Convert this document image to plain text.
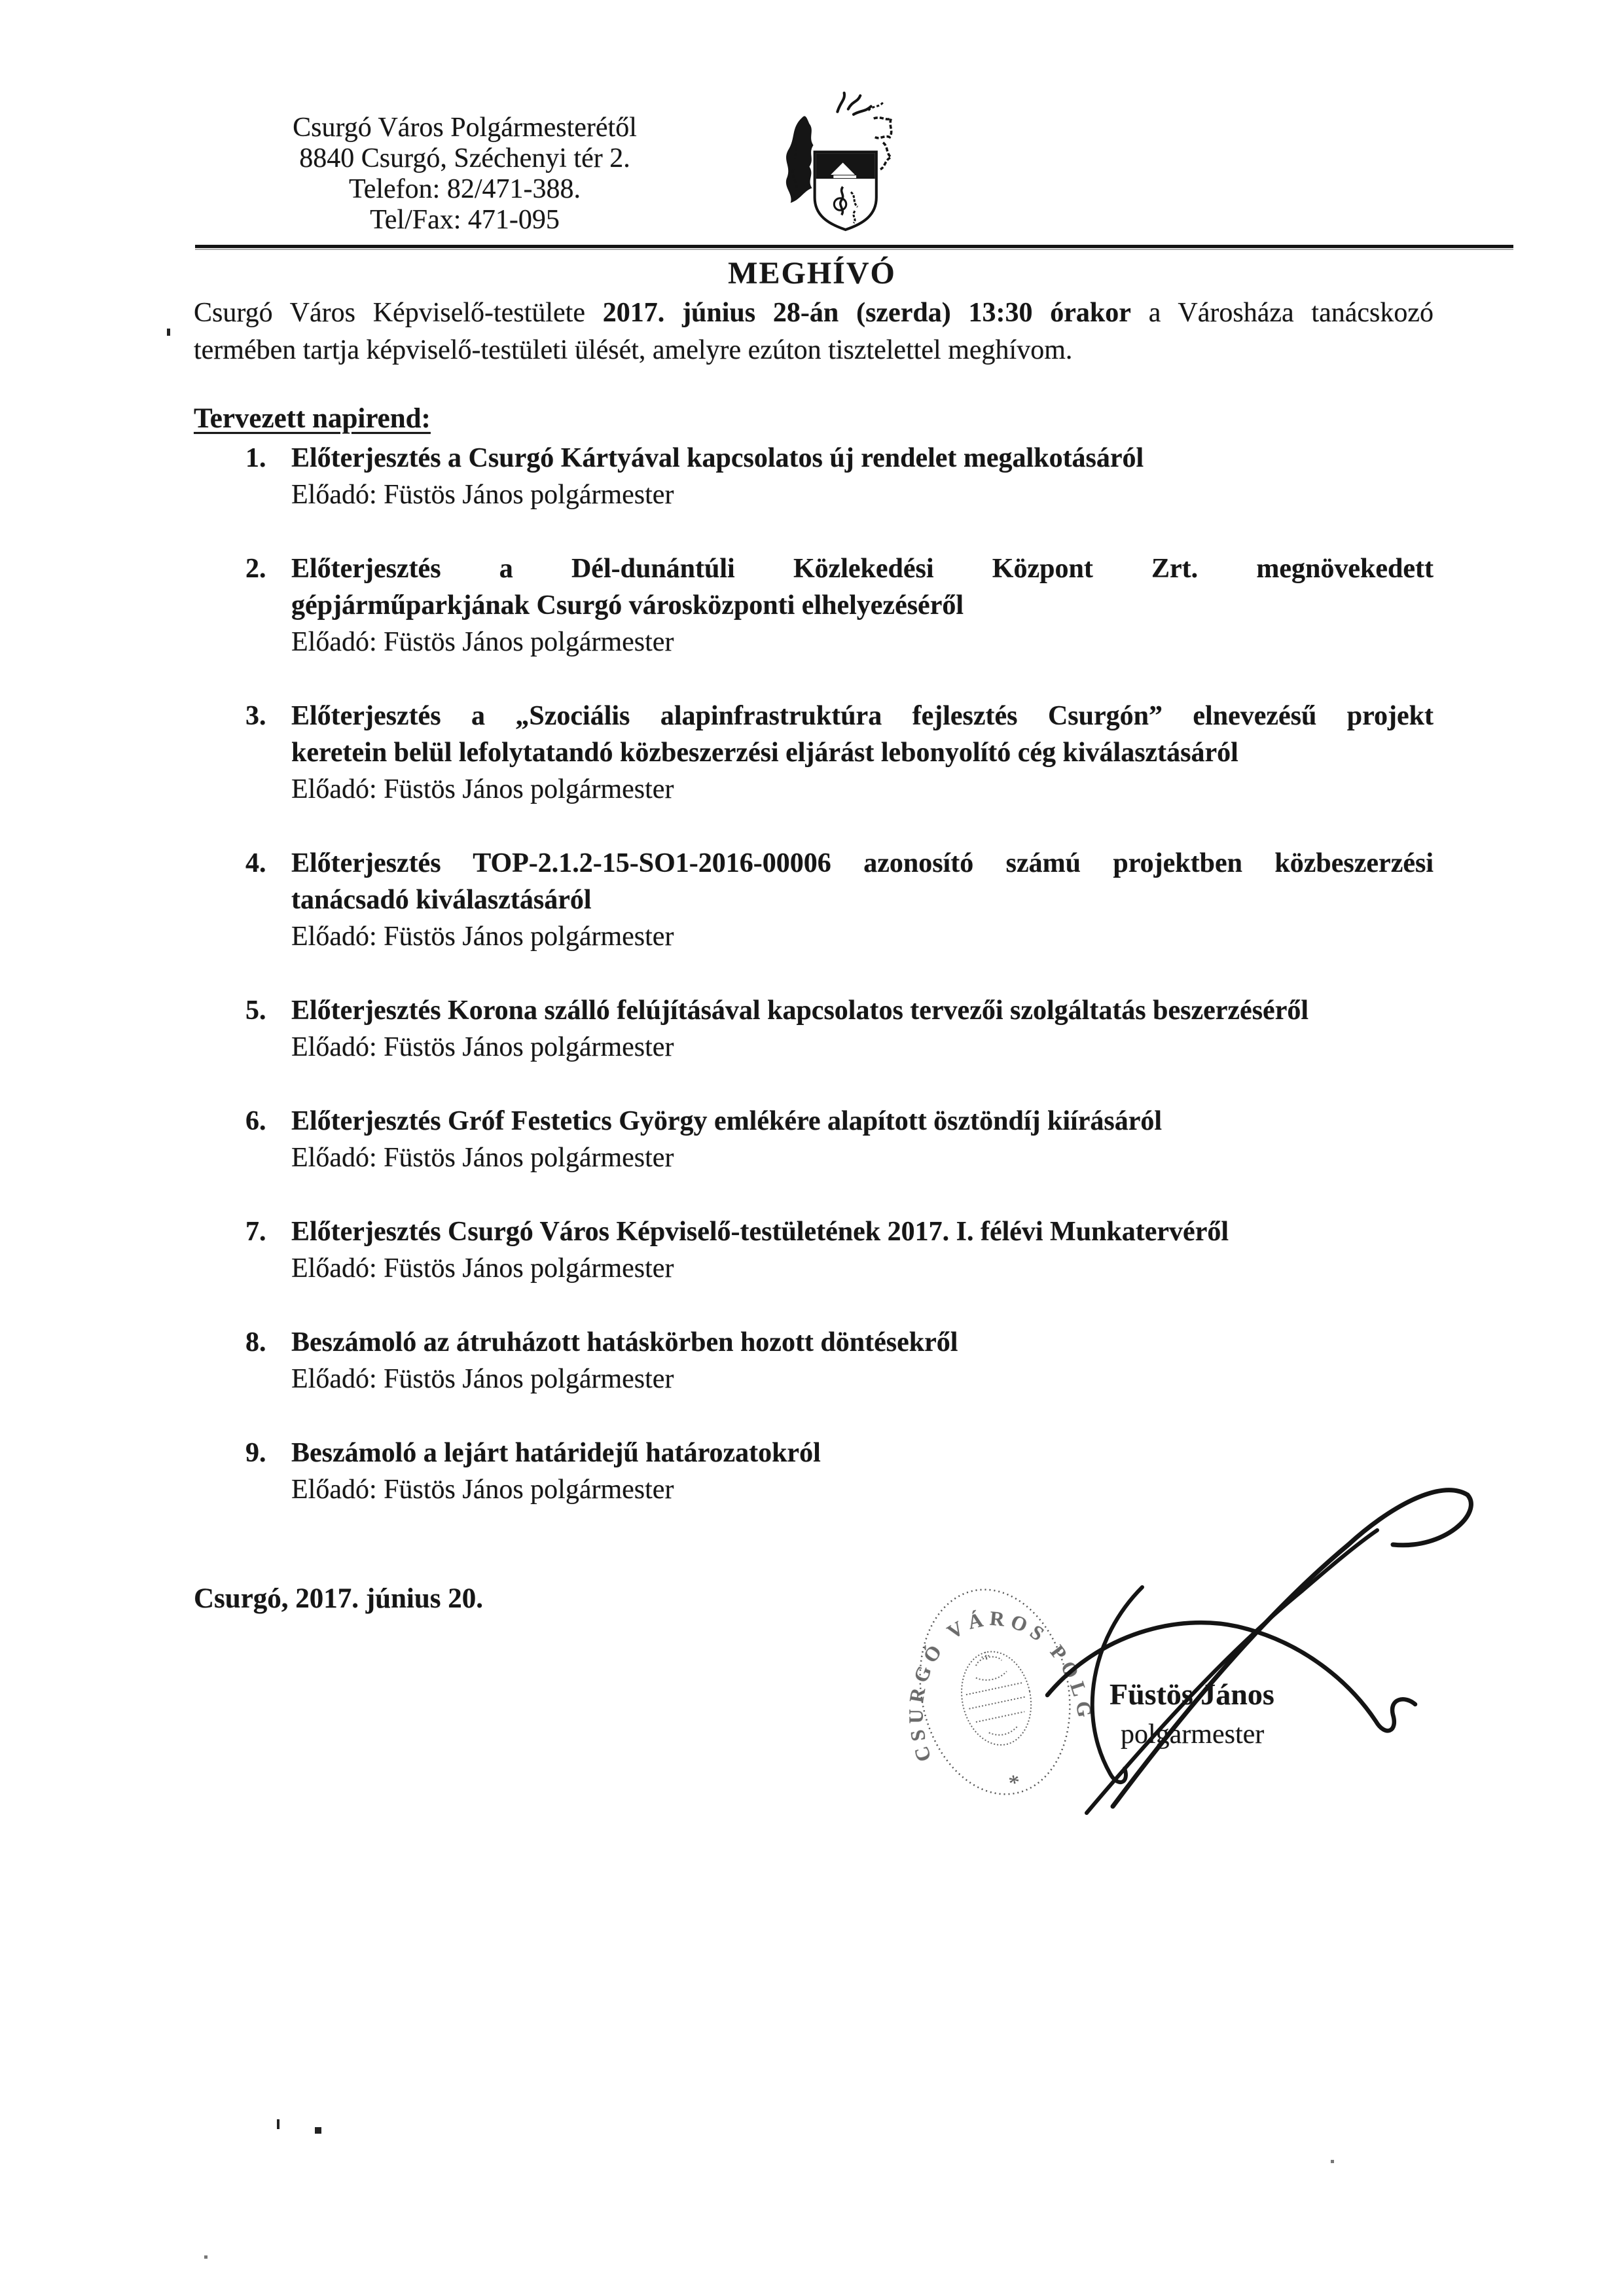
Csurgó Város Polgármesterétől
8840 Csurgó, Széchenyi tér 2.
Telefon: 82/471-388.
Tel/Fax: 471-095
MEGHÍVÓ
Csurgó Város Képviselő-testülete 2017. június 28-án (szerda) 13:30 órakor a Városháza tanácskozó
termében tartja képviselő-testületi ülését, amelyre ezúton tisztelettel meghívom.
Tervezett napirend:
1. Előterjesztés a Csurgó Kártyával kapcsolatos új rendelet megalkotásáról
Előadó: Füstös János polgármester
2. Előterjesztés a Dél-dunántúli Közlekedési Központ Zrt. megnövekedett
gépjárműparkjának Csurgó városközponti elhelyezéséről
Előadó: Füstös János polgármester
3. Előterjesztés a „Szociális alapinfrastruktúra fejlesztés Csurgón” elnevezésű projekt
keretein belül lefolytatandó közbeszerzési eljárást lebonyolító cég kiválasztásáról
Előadó: Füstös János polgármester
4. Előterjesztés TOP-2.1.2-15-SO1-2016-00006 azonosító számú projektben közbeszerzési
tanácsadó kiválasztásáról
Előadó: Füstös János polgármester
5. Előterjesztés Korona szálló felújításával kapcsolatos tervezői szolgáltatás beszerzéséről
Előadó: Füstös János polgármester
6. Előterjesztés Gróf Festetics György emlékére alapított ösztöndíj kiírásáról
Előadó: Füstös János polgármester
7. Előterjesztés Csurgó Város Képviselő-testületének 2017. I. félévi Munkatervéről
Előadó: Füstös János polgármester
8. Beszámoló az átruházott hatáskörben hozott döntésekről
Előadó: Füstös János polgármester
9. Beszámoló a lejárt határidejű határozatokról
Előadó: Füstös János polgármester
Csurgó, 2017. június 20.
CSURGÓ VÁROS POLG
*
Füstös János
polgármester
